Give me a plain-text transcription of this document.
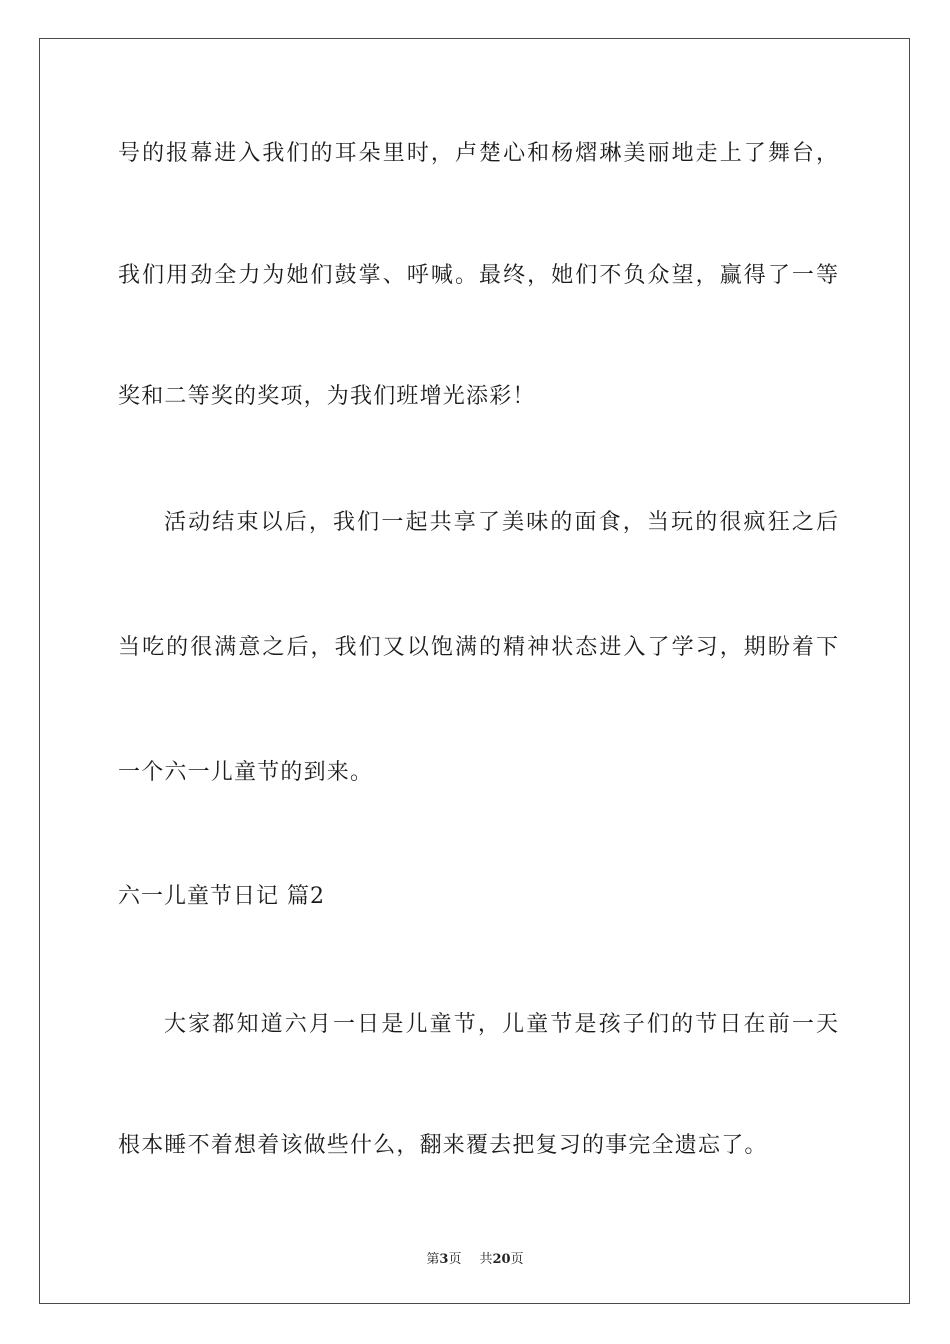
号的报幕进入我们的耳朵里时，卢楚心和杨熠琳美丽地走上了舞台，
我们用劲全力为她们鼓掌、呼喊。最终，她们不负众望，赢得了一等
奖和二等奖的奖项，为我们班增光添彩！
活动结束以后，我们一起共享了美味的面食，当玩的很疯狂之后
当吃的很满意之后，我们又以饱满的精神状态进入了学习，期盼着下
一个六一儿童节的到来。
六一儿童节日记 篇2
大家都知道六月一日是儿童节，儿童节是孩子们的节日在前一天
根本睡不着想着该做些什么，翻来覆去把复习的事完全遗忘了。
第3页 共20页
